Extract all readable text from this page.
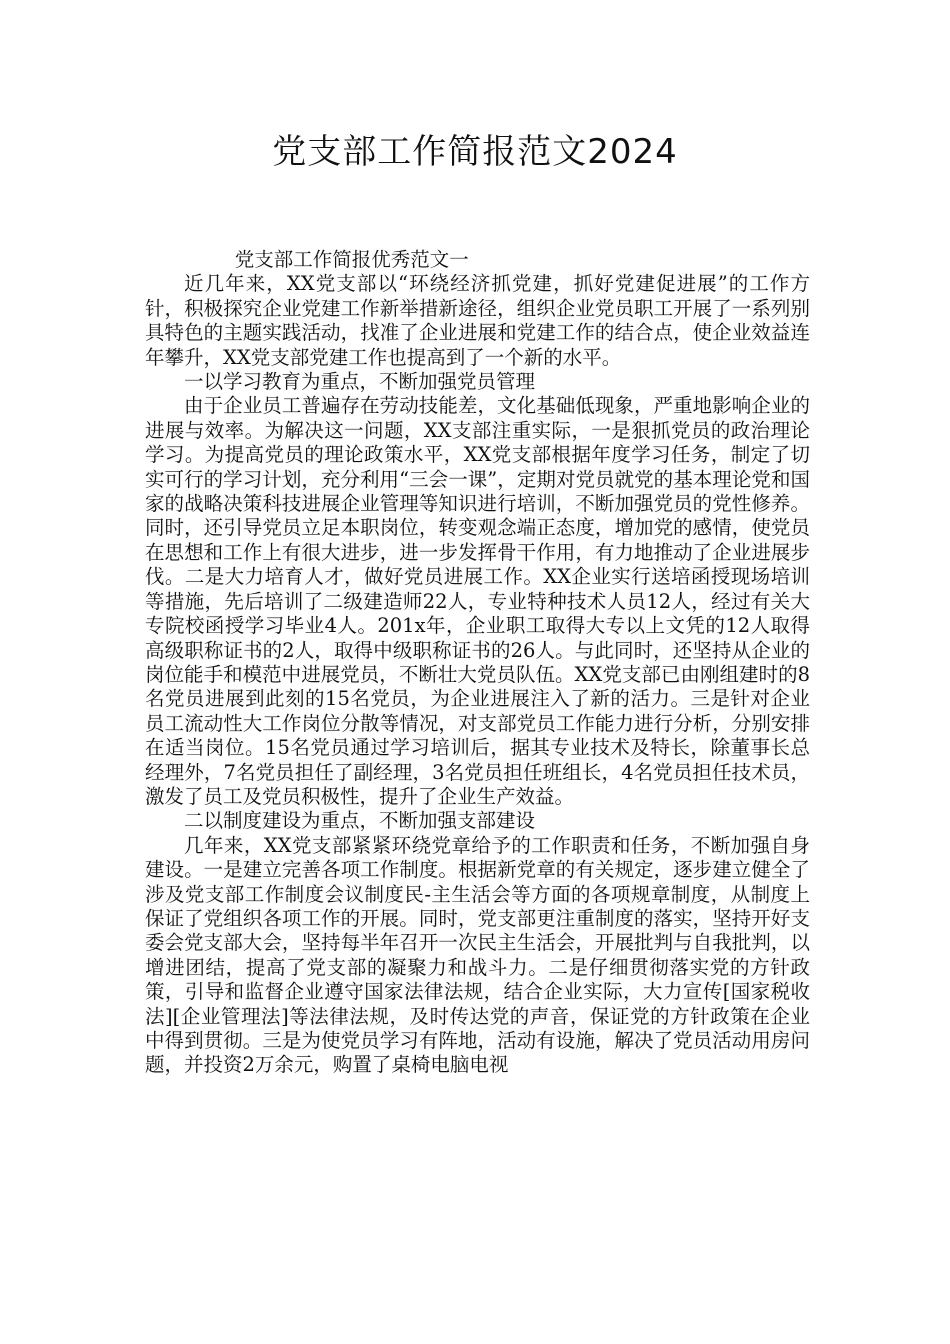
党支部工作简报范文2024

党支部工作简报优秀范文一

近几年来，XX党支部以“环绕经济抓党建，抓好党建促进展”的工作方针，积极探究企业党建工作新举措新途径，组织企业党员职工开展了一系列别具特色的主题实践活动，找准了企业进展和党建工作的结合点，使企业效益连年攀升，XX党支部党建工作也提高到了一个新的水平。

一以学习教育为重点，不断加强党员管理

由于企业员工普遍存在劳动技能差，文化基础低现象，严重地影响企业的进展与效率。为解决这一问题，XX支部注重实际，一是狠抓党员的政治理论学习。为提高党员的理论政策水平，XX党支部根据年度学习任务，制定了切实可行的学习计划，充分利用“三会一课”，定期对党员就党的基本理论党和国家的战略决策科技进展企业管理等知识进行培训，不断加强党员的党性修养。同时，还引导党员立足本职岗位，转变观念端正态度，增加党的感情，使党员在思想和工作上有很大进步，进一步发挥骨干作用，有力地推动了企业进展步伐。二是大力培育人才，做好党员进展工作。XX企业实行送培函授现场培训等措施，先后培训了二级建造师22人，专业特种技术人员12人，经过有关大专院校函授学习毕业4人。201x年，企业职工取得大专以上文凭的12人取得高级职称证书的2人，取得中级职称证书的26人。与此同时，还坚持从企业的岗位能手和模范中进展党员，不断壮大党员队伍。XX党支部已由刚组建时的8名党员进展到此刻的15名党员，为企业进展注入了新的活力。三是针对企业员工流动性大工作岗位分散等情况，对支部党员工作能力进行分析，分别安排在适当岗位。15名党员通过学习培训后，据其专业技术及特长，除董事长总经理外，7名党员担任了副经理，3名党员担任班组长，4名党员担任技术员，激发了员工及党员积极性，提升了企业生产效益。

二以制度建设为重点，不断加强支部建设

几年来，XX党支部紧紧环绕党章给予的工作职责和任务，不断加强自身建设。一是建立完善各项工作制度。根据新党章的有关规定，逐步建立健全了涉及党支部工作制度会议制度民-主生活会等方面的各项规章制度，从制度上保证了党组织各项工作的开展。同时，党支部更注重制度的落实，坚持开好支委会党支部大会，坚持每半年召开一次民主生活会，开展批判与自我批判，以增进团结，提高了党支部的凝聚力和战斗力。二是仔细贯彻落实党的方针政策，引导和监督企业遵守国家法律法规，结合企业实际，大力宣传[国家税收法][企业管理法]等法律法规，及时传达党的声音，保证党的方针政策在企业中得到贯彻。三是为使党员学习有阵地，活动有设施，解决了党员活动用房问题，并投资2万余元，购置了桌椅电脑电视
